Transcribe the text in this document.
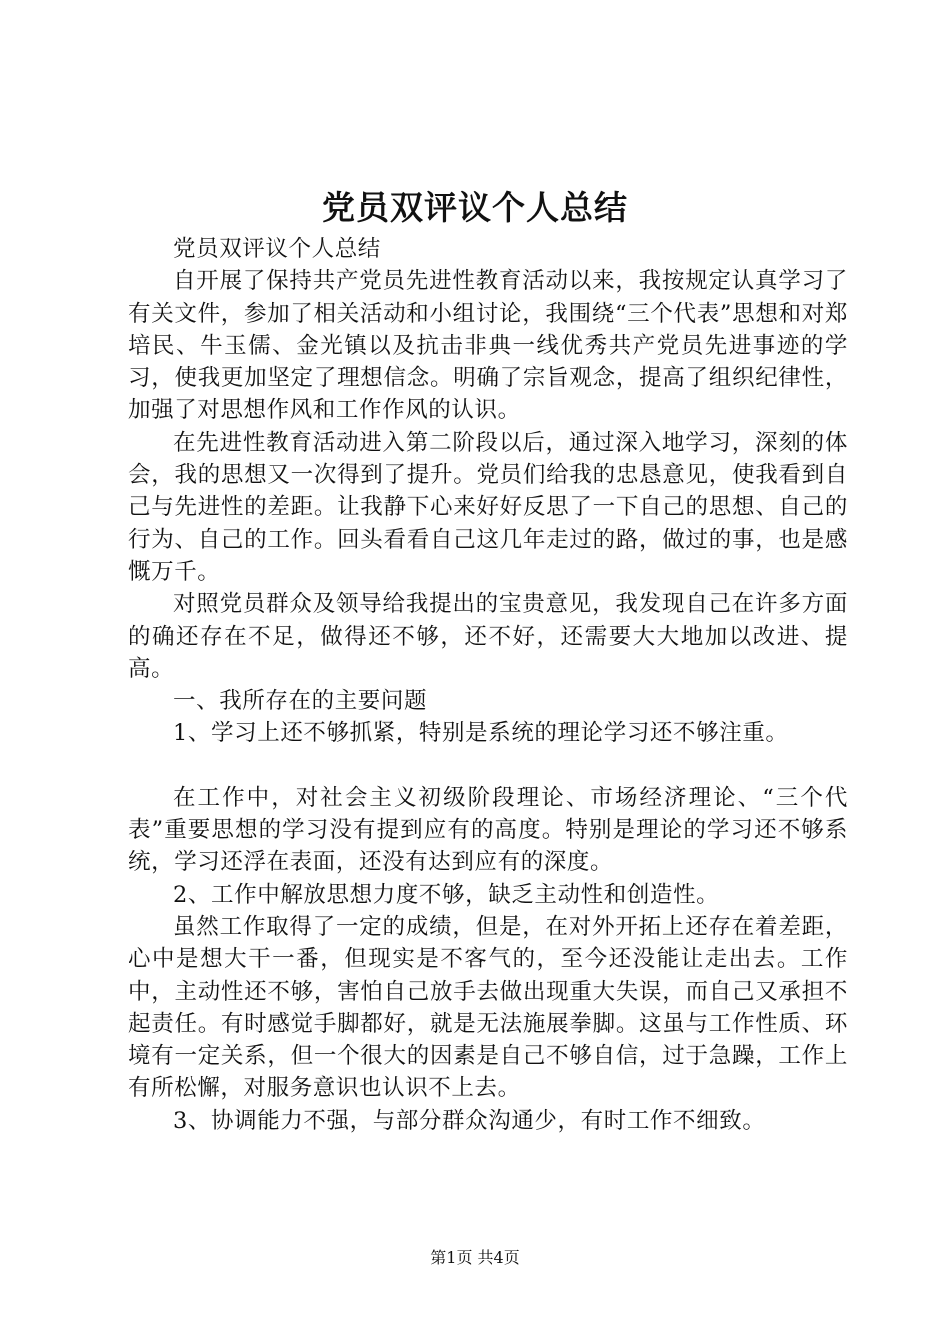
党员双评议个人总结

党员双评议个人总结

自开展了保持共产党员先进性教育活动以来，我按规定认真学习了有关文件，参加了相关活动和小组讨论，我围绕“三个代表”思想和对郑培民、牛玉儒、金光镇以及抗击非典一线优秀共产党员先进事迹的学习，使我更加坚定了理想信念。明确了宗旨观念，提高了组织纪律性，加强了对思想作风和工作作风的认识。

在先进性教育活动进入第二阶段以后，通过深入地学习，深刻的体会，我的思想又一次得到了提升。党员们给我的忠恳意见，使我看到自己与先进性的差距。让我静下心来好好反思了一下自己的思想、自己的行为、自己的工作。回头看看自己这几年走过的路，做过的事，也是感慨万千。

对照党员群众及领导给我提出的宝贵意见，我发现自己在许多方面的确还存在不足，做得还不够，还不好，还需要大大地加以改进、提高。

一、我所存在的主要问题

1、学习上还不够抓紧，特别是系统的理论学习还不够注重。

在工作中，对社会主义初级阶段理论、市场经济理论、“三个代表”重要思想的学习没有提到应有的高度。特别是理论的学习还不够系统，学习还浮在表面，还没有达到应有的深度。

2、工作中解放思想力度不够，缺乏主动性和创造性。

虽然工作取得了一定的成绩，但是，在对外开拓上还存在着差距，心中是想大干一番，但现实是不客气的，至今还没能让走出去。工作中，主动性还不够，害怕自己放手去做出现重大失误，而自己又承担不起责任。有时感觉手脚都好，就是无法施展拳脚。这虽与工作性质、环境有一定关系，但一个很大的因素是自己不够自信，过于急躁，工作上有所松懈，对服务意识也认识不上去。

3、协调能力不强，与部分群众沟通少，有时工作不细致。

第1页 共4页
